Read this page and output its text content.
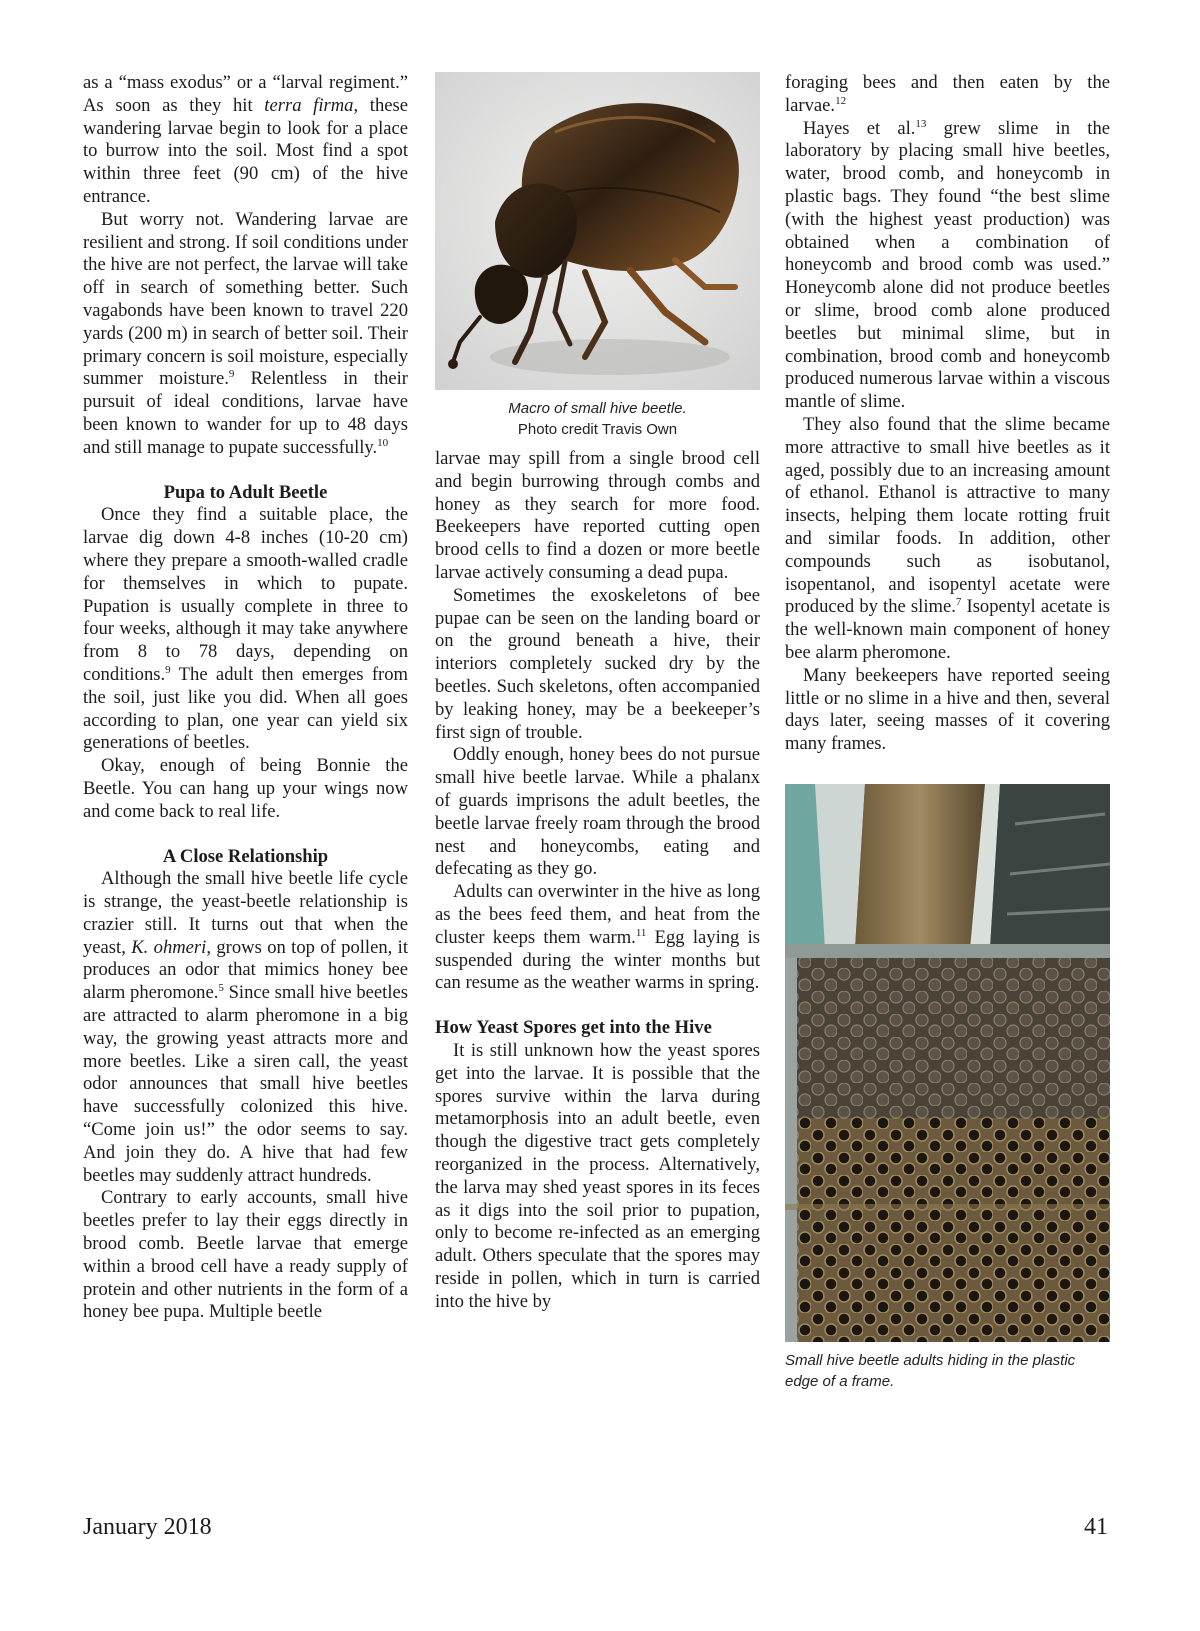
as a “mass exodus” or a “larval regiment.” As soon as they hit terra firma, these wandering larvae begin to look for a place to burrow into the soil. Most find a spot within three feet (90 cm) of the hive entrance.

But worry not. Wandering larvae are resilient and strong. If soil conditions under the hive are not perfect, the larvae will take off in search of something better. Such vagabonds have been known to travel 220 yards (200 m) in search of better soil. Their primary concern is soil moisture, especially summer moisture.$^9$ Relentless in their pursuit of ideal conditions, larvae have been known to wander for up to 48 days and still manage to pupate successfully.$^{10}$

Pupa to Adult Beetle

Once they find a suitable place, the larvae dig down 4-8 inches (10-20 cm) where they prepare a smooth-walled cradle for themselves in which to pupate. Pupation is usually complete in three to four weeks, although it may take anywhere from 8 to 78 days, depending on conditions.$^9$ The adult then emerges from the soil, just like you did. When all goes according to plan, one year can yield six generations of beetles.

Okay, enough of being Bonnie the Beetle. You can hang up your wings now and come back to real life.

A Close Relationship

Although the small hive beetle life cycle is strange, the yeast-beetle relationship is crazier still. It turns out that when the yeast, K. ohmeri, grows on top of pollen, it produces an odor that mimics honey bee alarm pheromone.$^5$ Since small hive beetles are attracted to alarm pheromone in a big way, the growing yeast attracts more and more beetles. Like a siren call, the yeast odor announces that small hive beetles have successfully colonized this hive. “Come join us!” the odor seems to say. And join they do. A hive that had few beetles may suddenly attract hundreds.

Contrary to early accounts, small hive beetles prefer to lay their eggs directly in brood comb. Beetle larvae that emerge within a brood cell have a ready supply of protein and other nutrients in the form of a honey bee pupa. Multiple beetle

Macro of small hive beetle.
Photo credit Travis Own

larvae may spill from a single brood cell and begin burrowing through combs and honey as they search for more food. Beekeepers have reported cutting open brood cells to find a dozen or more beetle larvae actively consuming a dead pupa.

Sometimes the exoskeletons of bee pupae can be seen on the landing board or on the ground beneath a hive, their interiors completely sucked dry by the beetles. Such skeletons, often accompanied by leaking honey, may be a beekeeper’s first sign of trouble.

Oddly enough, honey bees do not pursue small hive beetle larvae. While a phalanx of guards imprisons the adult beetles, the beetle larvae freely roam through the brood nest and honeycombs, eating and defecating as they go.

Adults can overwinter in the hive as long as the bees feed them, and heat from the cluster keeps them warm.$^{11}$ Egg laying is suspended during the winter months but can resume as the weather warms in spring.

How Yeast Spores get into the Hive

It is still unknown how the yeast spores get into the larvae. It is possible that the spores survive within the larva during metamorphosis into an adult beetle, even though the digestive tract gets completely reorganized in the process. Alternatively, the larva may shed yeast spores in its feces as it digs into the soil prior to pupation, only to become re-infected as an emerging adult. Others speculate that the spores may reside in pollen, which in turn is carried into the hive by

foraging bees and then eaten by the larvae.$^{12}$

Hayes et al.$^{13}$ grew slime in the laboratory by placing small hive beetles, water, brood comb, and honeycomb in plastic bags. They found “the best slime (with the highest yeast production) was obtained when a combination of honeycomb and brood comb was used.” Honeycomb alone did not produce beetles or slime, brood comb alone produced beetles but minimal slime, but in combination, brood comb and honeycomb produced numerous larvae within a viscous mantle of slime.

They also found that the slime became more attractive to small hive beetles as it aged, possibly due to an increasing amount of ethanol. Ethanol is attractive to many insects, helping them locate rotting fruit and similar foods. In addition, other compounds such as isobutanol, isopentanol, and isopentyl acetate were produced by the slime.$^7$ Isopentyl acetate is the well-known main component of honey bee alarm pheromone.

Many beekeepers have reported seeing little or no slime in a hive and then, several days later, seeing masses of it covering many frames.

Small hive beetle adults hiding in the plastic edge of a frame.
January 2018	41
